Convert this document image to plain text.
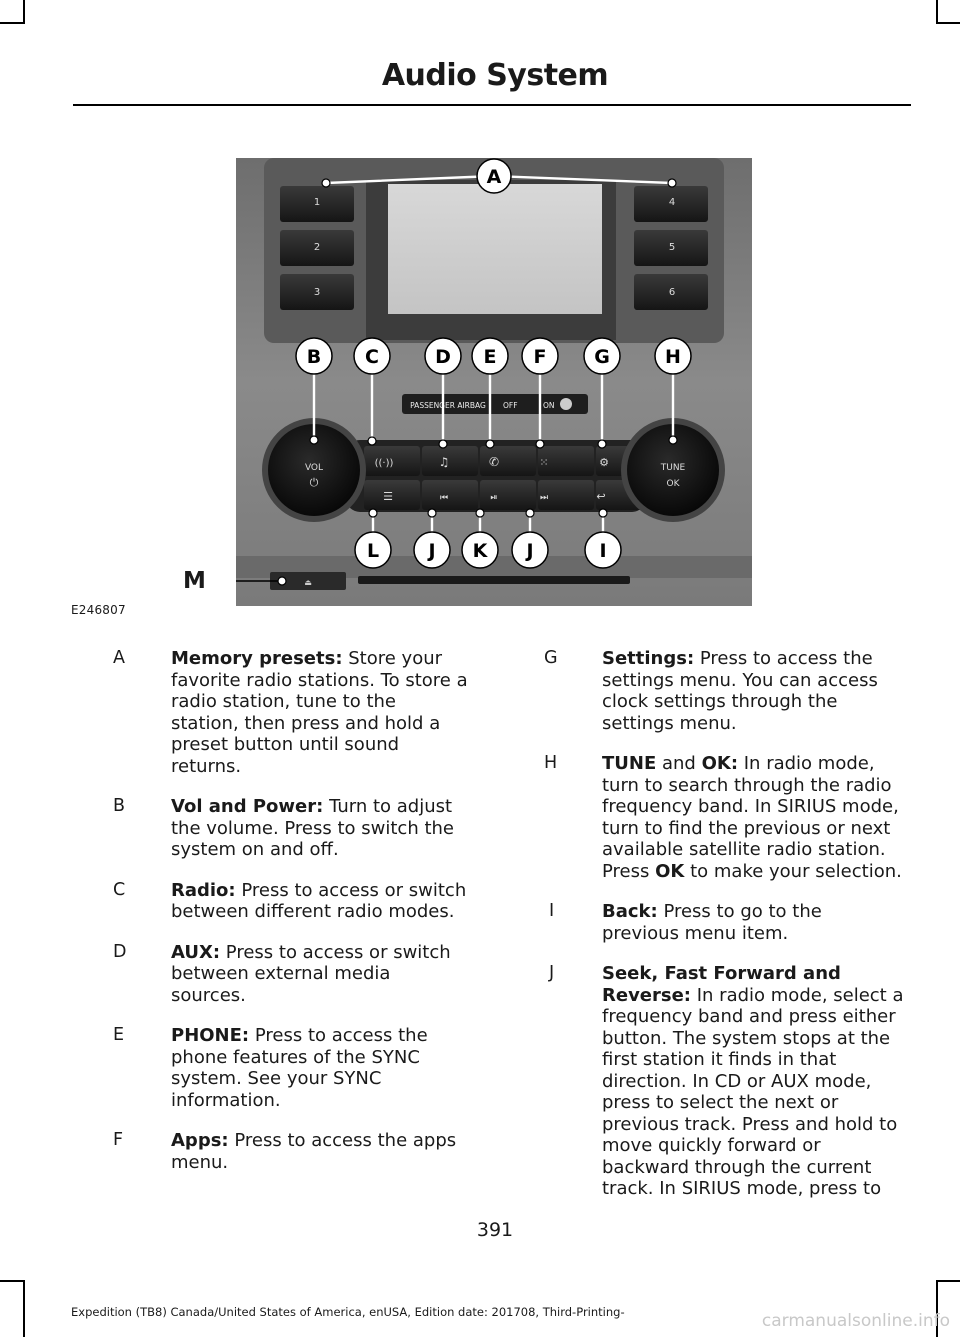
Audio System
1
2
3
4
5
6
PASSENGER AIRBAG OFF	ON
((·))	♫	✆	⁙	⚙
☰	⏮	⏯	⏭	↩
VOL
⏻
TUNE
OK
⏏
A
B C	D E F	G	H
L	J K J	I
M
E246807
A	Memory presets: Store your favorite radio stations. To store a radio station, tune to the station, then press and hold a preset button until sound returns.
B	Vol and Power: Turn to adjust the volume. Press to switch the system on and off.
C	Radio: Press to access or switch between different radio modes.
D	AUX: Press to access or switch between external media sources.
E	PHONE: Press to access the phone features of the SYNC system. See your SYNC information.
F	Apps: Press to access the apps menu.
G	Settings: Press to access the settings menu. You can access clock settings through the settings menu.
H	TUNE and OK: In radio mode, turn to search through the radio frequency band. In SIRIUS mode, turn to find the previous or next available satellite radio station. Press OK to make your selection.
I	Back: Press to go to the previous menu item.
J	Seek, Fast Forward and Reverse: In radio mode, select a frequency band and press either button. The system stops at the first station it finds in that direction. In CD or AUX mode, press to select the next or previous track. Press and hold to move quickly forward or backward through the current track. In SIRIUS mode, press to
391
Expedition (TB8) Canada/United States of America, enUSA, Edition date: 201708, Third-Printing-	carmanualsonline.info
